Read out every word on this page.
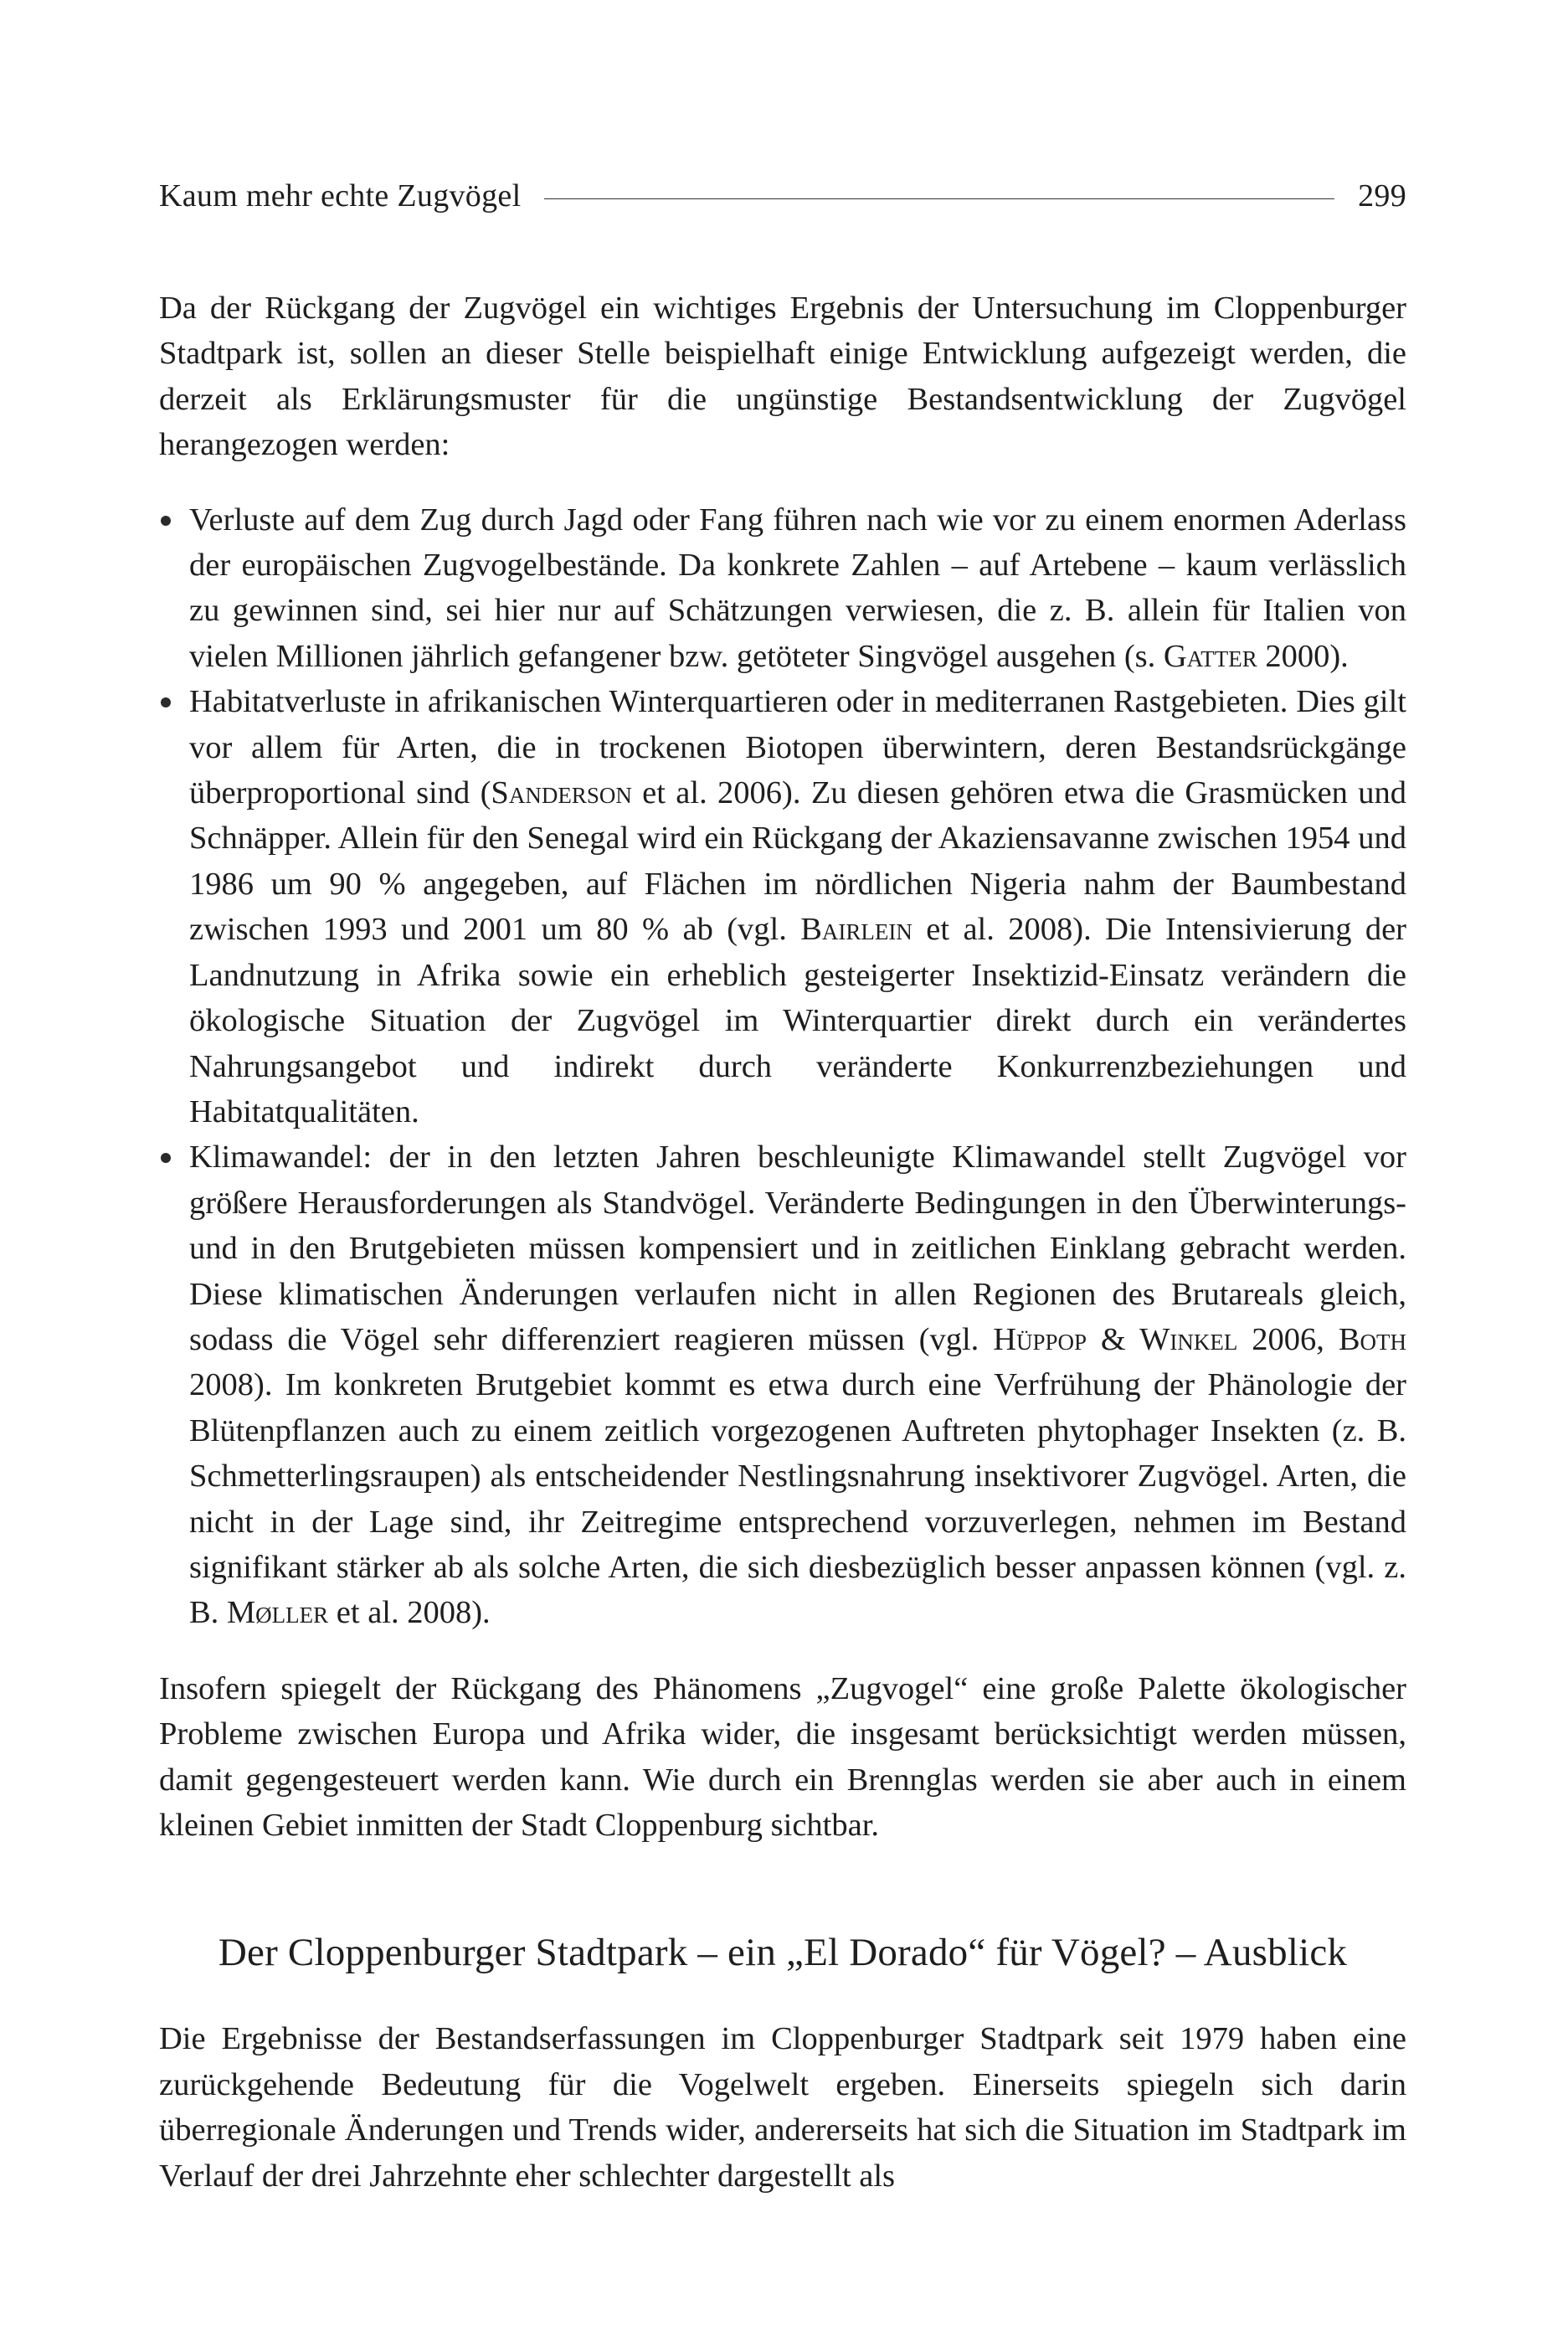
Kaum mehr echte Zugvögel	299

Da der Rückgang der Zugvögel ein wichtiges Ergebnis der Untersuchung im Cloppenburger Stadtpark ist, sollen an dieser Stelle beispielhaft einige Entwicklung aufgezeigt werden, die derzeit als Erklärungsmuster für die ungünstige Bestandsentwicklung der Zugvögel herangezogen werden:

Verluste auf dem Zug durch Jagd oder Fang führen nach wie vor zu einem enormen Aderlass der europäischen Zugvogelbestände. Da konkrete Zahlen – auf Artebene – kaum verlässlich zu gewinnen sind, sei hier nur auf Schätzungen verwiesen, die z. B. allein für Italien von vielen Millionen jährlich gefangener bzw. getöteter Singvögel ausgehen (s. Gatter 2000).
Habitatverluste in afrikanischen Winterquartieren oder in mediterranen Rastgebieten. Dies gilt vor allem für Arten, die in trockenen Biotopen überwintern, deren Bestandsrückgänge überproportional sind (Sanderson et al. 2006). Zu diesen gehören etwa die Grasmücken und Schnäpper. Allein für den Senegal wird ein Rückgang der Akaziensavanne zwischen 1954 und 1986 um 90 % angegeben, auf Flächen im nördlichen Nigeria nahm der Baumbestand zwischen 1993 und 2001 um 80 % ab (vgl. Bairlein et al. 2008). Die Intensivierung der Landnutzung in Afrika sowie ein erheblich gesteigerter Insektizid-Einsatz verändern die ökologische Situation der Zugvögel im Winterquartier direkt durch ein verändertes Nahrungsangebot und indirekt durch veränderte Konkurrenzbeziehungen und Habitatqualitäten.
Klimawandel: der in den letzten Jahren beschleunigte Klimawandel stellt Zugvögel vor größere Herausforderungen als Standvögel. Veränderte Bedingungen in den Überwinterungs- und in den Brutgebieten müssen kompensiert und in zeitlichen Einklang gebracht werden. Diese klimatischen Änderungen verlaufen nicht in allen Regionen des Brutareals gleich, sodass die Vögel sehr differenziert reagieren müssen (vgl. Hüppop & Winkel 2006, Both 2008). Im konkreten Brutgebiet kommt es etwa durch eine Verfrühung der Phänologie der Blütenpflanzen auch zu einem zeitlich vorgezogenen Auftreten phytophager Insekten (z. B. Schmetterlingsraupen) als entscheidender Nestlingsnahrung insektivorer Zugvögel. Arten, die nicht in der Lage sind, ihr Zeitregime entsprechend vorzuverlegen, nehmen im Bestand signifikant stärker ab als solche Arten, die sich diesbezüglich besser anpassen können (vgl. z. B. Møller et al. 2008).

Insofern spiegelt der Rückgang des Phänomens „Zugvogel“ eine große Palette ökologischer Probleme zwischen Europa und Afrika wider, die insgesamt berücksichtigt werden müssen, damit gegengesteuert werden kann. Wie durch ein Brennglas werden sie aber auch in einem kleinen Gebiet inmitten der Stadt Cloppenburg sichtbar.

Der Cloppenburger Stadtpark – ein „El Dorado“ für Vögel? – Ausblick

Die Ergebnisse der Bestandserfassungen im Cloppenburger Stadtpark seit 1979 haben eine zurückgehende Bedeutung für die Vogelwelt ergeben. Einerseits spiegeln sich darin überregionale Änderungen und Trends wider, andererseits hat sich die Situation im Stadtpark im Verlauf der drei Jahrzehnte eher schlechter dargestellt als
